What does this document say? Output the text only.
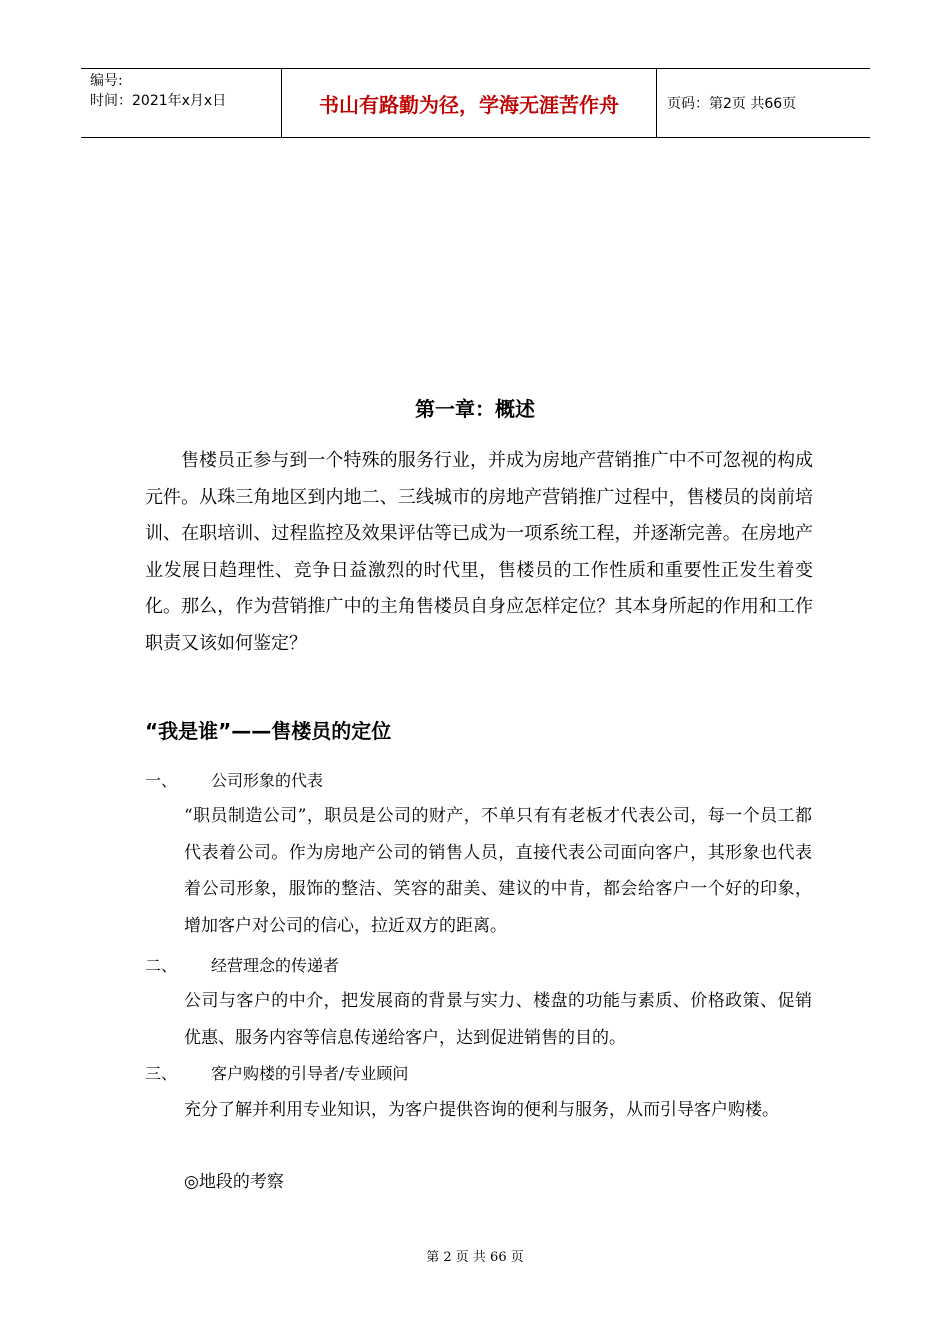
编号:
时间：2021年x月x日	书山有路勤为径，学海无涯苦作舟	页码：第2页 共66页
第一章：概述
售楼员正参与到一个特殊的服务行业，并成为房地产营销推广中不可忽视的构成元件。从珠三角地区到内地二、三线城市的房地产营销推广过程中，售楼员的岗前培训、在职培训、过程监控及效果评估等已成为一项系统工程，并逐渐完善。在房地产业发展日趋理性、竞争日益激烈的时代里，售楼员的工作性质和重要性正发生着变化。那么，作为营销推广中的主角售楼员自身应怎样定位？其本身所起的作用和工作职责又该如何鉴定？
“我是谁”——售楼员的定位
一、 公司形象的代表
“职员制造公司”，职员是公司的财产，不单只有有老板才代表公司，每一个员工都代表着公司。作为房地产公司的销售人员，直接代表公司面向客户，其形象也代表着公司形象，服饰的整洁、笑容的甜美、建议的中肯，都会给客户一个好的印象，增加客户对公司的信心，拉近双方的距离。
二、 经营理念的传递者
公司与客户的中介，把发展商的背景与实力、楼盘的功能与素质、价格政策、促销优惠、服务内容等信息传递给客户，达到促进销售的目的。
三、 客户购楼的引导者/专业顾问
充分了解并利用专业知识，为客户提供咨询的便利与服务，从而引导客户购楼。
◎地段的考察
第 2 页 共 66 页
